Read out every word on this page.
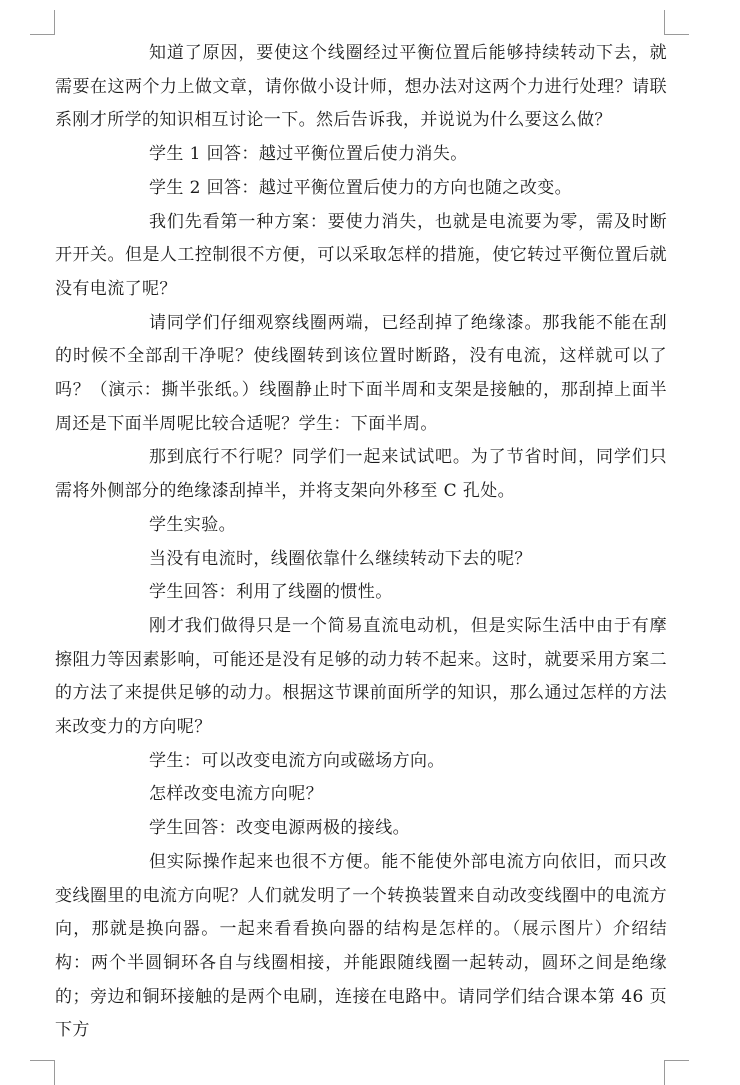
知道了原因，要使这个线圈经过平衡位置后能够持续转动下去，就需要在这两个力上做文章，请你做小设计师，想办法对这两个力进行处理？请联系刚才所学的知识相互讨论一下。然后告诉我，并说说为什么要这么做？

学生 1 回答：越过平衡位置后使力消失。

学生 2 回答：越过平衡位置后使力的方向也随之改变。

我们先看第一种方案：要使力消失，也就是电流要为零，需及时断开开关。但是人工控制很不方便，可以采取怎样的措施，使它转过平衡位置后就没有电流了呢？

请同学们仔细观察线圈两端，已经刮掉了绝缘漆。那我能不能在刮的时候不全部刮干净呢？使线圈转到该位置时断路，没有电流，这样就可以了吗？（演示：撕半张纸。）线圈静止时下面半周和支架是接触的，那刮掉上面半周还是下面半周呢比较合适呢？学生：下面半周。

那到底行不行呢？同学们一起来试试吧。为了节省时间，同学们只需将外侧部分的绝缘漆刮掉半，并将支架向外移至 C 孔处。

学生实验。

当没有电流时，线圈依靠什么继续转动下去的呢？

学生回答：利用了线圈的惯性。

刚才我们做得只是一个简易直流电动机，但是实际生活中由于有摩擦阻力等因素影响，可能还是没有足够的动力转不起来。这时，就要采用方案二的方法了来提供足够的动力。根据这节课前面所学的知识，那么通过怎样的方法来改变力的方向呢？

学生：可以改变电流方向或磁场方向。

怎样改变电流方向呢？

学生回答：改变电源两极的接线。

但实际操作起来也很不方便。能不能使外部电流方向依旧，而只改变线圈里的电流方向呢？人们就发明了一个转换装置来自动改变线圈中的电流方向，那就是换向器。一起来看看换向器的结构是怎样的。（展示图片）介绍结构：两个半圆铜环各自与线圈相接，并能跟随线圈一起转动，圆环之间是绝缘的；旁边和铜环接触的是两个电刷，连接在电路中。请同学们结合课本第 46 页下方
